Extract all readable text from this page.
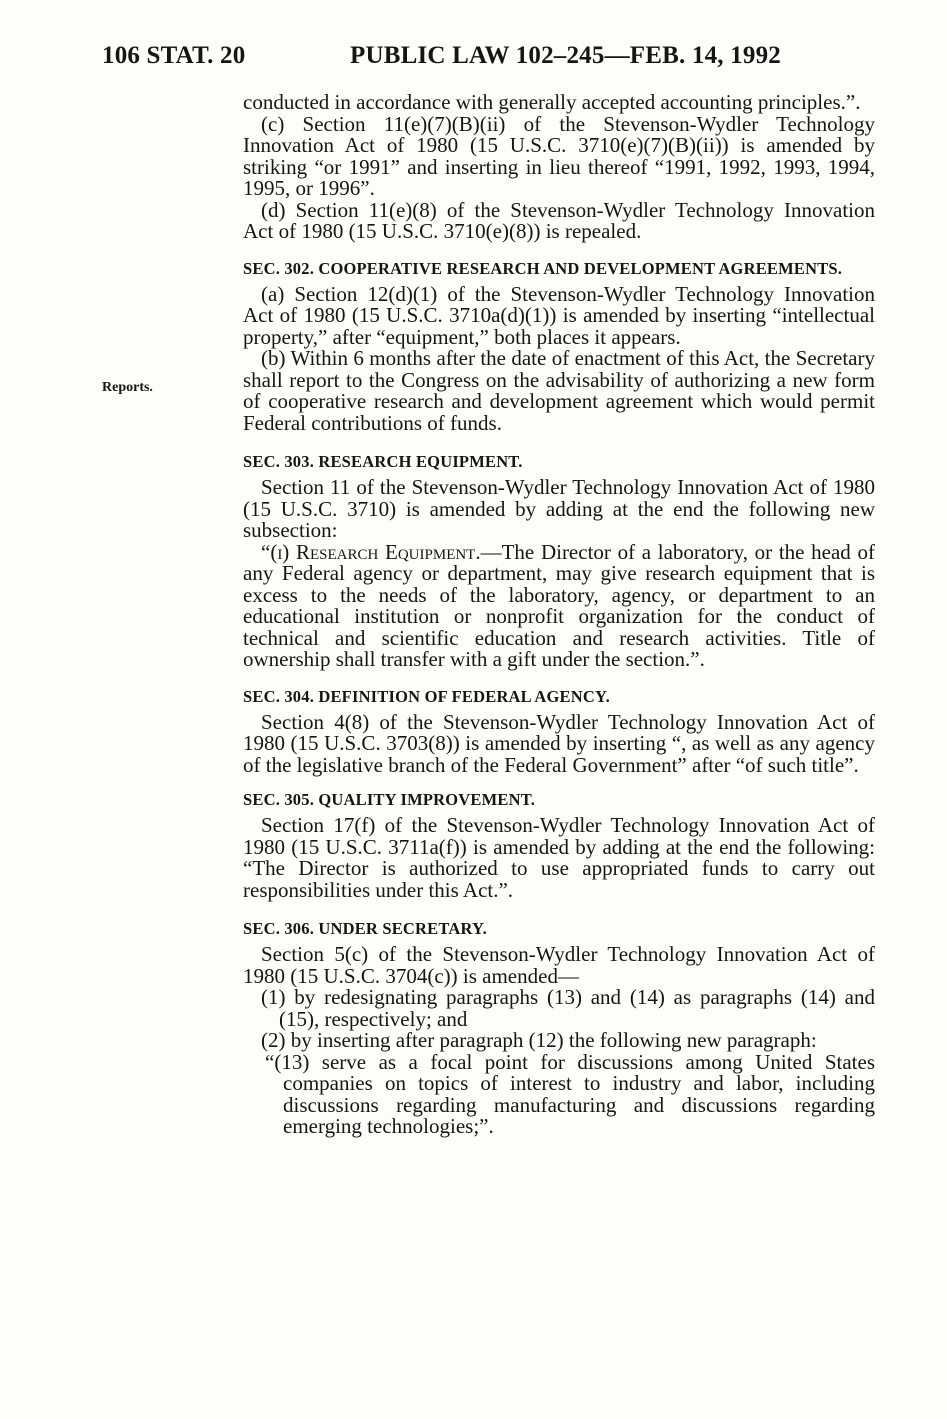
106 STAT. 20	PUBLIC LAW 102–245—FEB. 14, 1992
Reports.

conducted in accordance with generally accepted accounting principles.”.

(c) Section 11(e)(7)(B)(ii) of the Stevenson-Wydler Technology Innovation Act of 1980 (15 U.S.C. 3710(e)(7)(B)(ii)) is amended by striking “or 1991” and inserting in lieu thereof “1991, 1992, 1993, 1994, 1995, or 1996”.

(d) Section 11(e)(8) of the Stevenson-Wydler Technology Innovation Act of 1980 (15 U.S.C. 3710(e)(8)) is repealed.

SEC. 302. COOPERATIVE RESEARCH AND DEVELOPMENT AGREEMENTS.

(a) Section 12(d)(1) of the Stevenson-Wydler Technology Innovation Act of 1980 (15 U.S.C. 3710a(d)(1)) is amended by inserting “intellectual property,” after “equipment,” both places it appears.

(b) Within 6 months after the date of enactment of this Act, the Secretary shall report to the Congress on the advisability of authorizing a new form of cooperative research and development agreement which would permit Federal contributions of funds.

SEC. 303. RESEARCH EQUIPMENT.

Section 11 of the Stevenson-Wydler Technology Innovation Act of 1980 (15 U.S.C. 3710) is amended by adding at the end the following new subsection:

“(i) Research Equipment.—The Director of a laboratory, or the head of any Federal agency or department, may give research equipment that is excess to the needs of the laboratory, agency, or department to an educational institution or nonprofit organization for the conduct of technical and scientific education and research activities. Title of ownership shall transfer with a gift under the section.”.

SEC. 304. DEFINITION OF FEDERAL AGENCY.

Section 4(8) of the Stevenson-Wydler Technology Innovation Act of 1980 (15 U.S.C. 3703(8)) is amended by inserting “, as well as any agency of the legislative branch of the Federal Government” after “of such title”.

SEC. 305. QUALITY IMPROVEMENT.

Section 17(f) of the Stevenson-Wydler Technology Innovation Act of 1980 (15 U.S.C. 3711a(f)) is amended by adding at the end the following: “The Director is authorized to use appropriated funds to carry out responsibilities under this Act.”.

SEC. 306. UNDER SECRETARY.

Section 5(c) of the Stevenson-Wydler Technology Innovation Act of 1980 (15 U.S.C. 3704(c)) is amended—

(1) by redesignating paragraphs (13) and (14) as paragraphs (14) and (15), respectively; and

(2) by inserting after paragraph (12) the following new paragraph:

“(13) serve as a focal point for discussions among United States companies on topics of interest to industry and labor, including discussions regarding manufacturing and discussions regarding emerging technologies;”.
